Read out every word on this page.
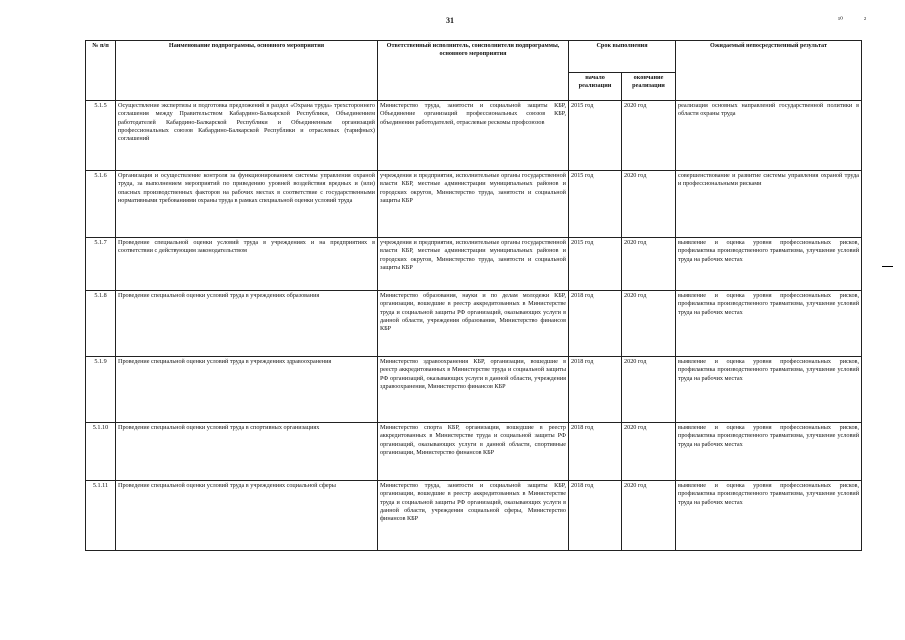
31	¹⁰	²
№ п/п	Наименование подпрограммы, основного мероприятия	Ответственный исполнитель, соисполнители подпрограммы, основного мероприятия	Срок выполнения		Ожидаемый непосредственный результат
			начало реализации	окончание реализации	
5.1.5	Осуществление экспертизы и подготовка предложений в раздел «Охрана труда» трехстороннего соглашения между Правительством Кабардино-Балкарской Республики, Объединением работодателей Кабардино-Балкарской Республики и Объединенным организаций профессиональных союзов Кабардино-Балкарской Республики и отраслевых (тарифных) соглашений	Министерство труда, занятости и социальной защиты КБР, Объединение организаций профессиональных союзов КБР, объединения работодателей, отраслевые рескомы профсоюзов	2015 год	2020 год	реализация основных направлений государственной политики в области охраны труда
5.1.6	Организация и осуществление контроля за функционированием системы управления охраной труда, за выполнением мероприятий по приведению уровней воздействия вредных и (или) опасных производственных факторов на рабочих местах в соответствие с государственными нормативными требованиями охраны труда в рамках специальной оценки условий труда	учреждения и предприятия, исполнительные органы государственной власти КБР, местные администрации муниципальных районов и городских округов, Министерство труда, занятости и социальной защиты КБР	2015 год	2020 год	совершенствование и развитие системы управления охраной труда и профессиональными рисками
5.1.7	Проведение специальной оценки условий труда в учреждениях и на предприятиях в соответствии с действующим законодательством	учреждения и предприятия, исполнительные органы государственной власти КБР, местные администрации муниципальных районов и городских округов, Министерство труда, занятости и социальной защиты КБР	2015 год	2020 год	выявление и оценка уровня профессиональных рисков, профилактика производственного травматизма, улучшение условий труда на рабочих местах
5.1.8	Проведение специальной оценки условий труда в учреждениях образования	Министерство образования, науки и по делам молодежи КБР, организации, вошедшие в реестр аккредитованных в Министерстве труда и социальной защиты РФ организаций, оказывающих услуги в данной области, учреждения образования, Министерство финансов КБР	2018 год	2020 год	выявление и оценка уровня профессиональных рисков, профилактика производственного травматизма, улучшение условий труда на рабочих местах
5.1.9	Проведение специальной оценки условий труда в учреждениях здравоохранения	Министерство здравоохранения КБР, организации, вошедшие в реестр аккредитованных в Министерстве труда и социальной защиты РФ организаций, оказывающих услуги в данной области, учреждения здравоохранения, Министерство финансов КБР	2018 год	2020 год	выявление и оценка уровня профессиональных рисков, профилактика производственного травматизма, улучшение условий труда на рабочих местах
5.1.10	Проведение специальной оценки условий труда в спортивных организациях	Министерство спорта КБР, организации, вошедшие в реестр аккредитованных в Министерстве труда и социальной защиты РФ организаций, оказывающих услуги в данной области, спортивные организации, Министерство финансов КБР	2018 год	2020 год	выявление и оценка уровня профессиональных рисков, профилактика производственного травматизма, улучшение условий труда на рабочих местах
5.1.11	Проведение специальной оценки условий труда в учреждениях социальной сферы	Министерство труда, занятости и социальной защиты КБР, организации, вошедшие в реестр аккредитованных в Министерстве труда и социальной защиты РФ организаций, оказывающих услуги в данной области, учреждения социальной сферы, Министерство финансов КБР	2018 год	2020 год	выявление и оценка уровня профессиональных рисков, профилактика производственного травматизма, улучшение условий труда на рабочих местах
